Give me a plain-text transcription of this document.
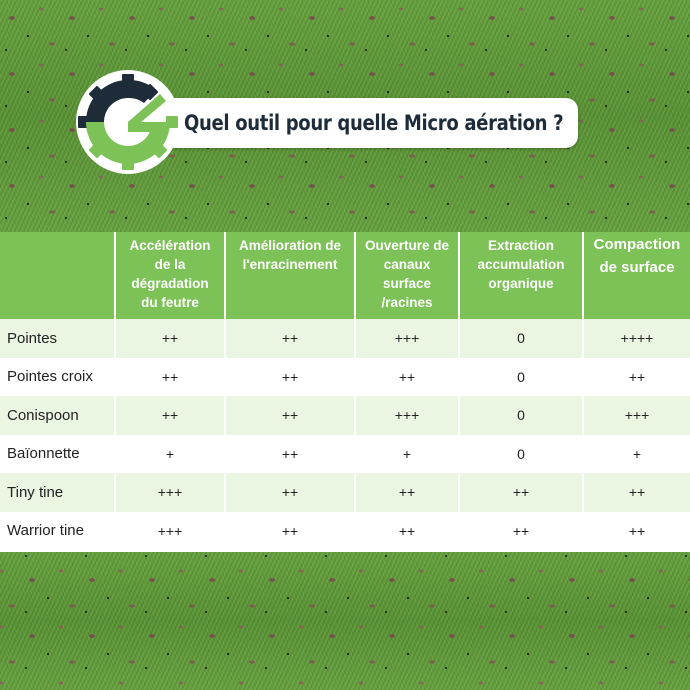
Quel outil pour quelle Micro aération ?
	Accélération de la dégradation du feutre	Amélioration de l'enracinement	Ouverture de canaux surface /racines	Extraction accumulation organique	Compaction de surface
Pointes	++	++	+++	0	++++
Pointes croix	++	++	++	0	++
Conispoon	++	++	+++	0	+++
Baïonnette	+	++	+	0	+
Tiny tine	+++	++	++	++	++
Warrior tine	+++	++	++	++	++
